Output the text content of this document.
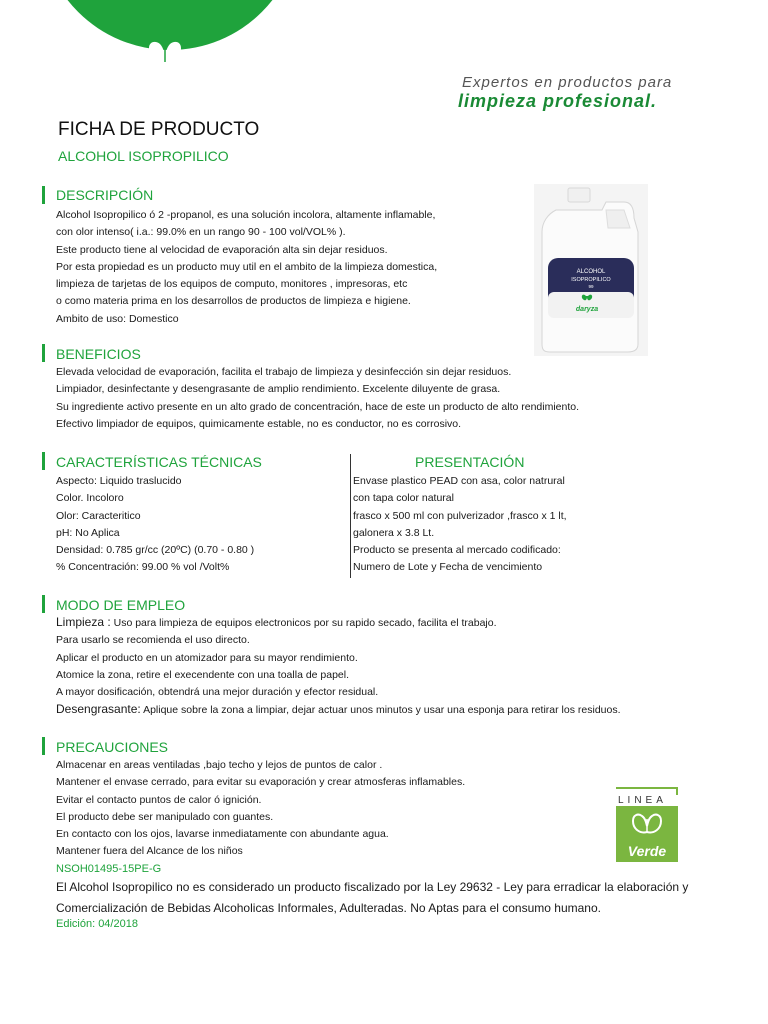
daryza	Expertos en productos para
limpieza profesional.
FICHA DE PRODUCTO
ALCOHOL ISOPROPILICO
ALCOHOL
ISOPROPILICO
99
daryza
DESCRIPCIÓN
Alcohol Isopropilico ó 2 -propanol, es una solución incolora, altamente inflamable,
con olor intenso( i.a.: 99.0% en un rango 90 - 100 vol/VOL% ).
Este producto tiene al velocidad de evaporación alta sin dejar residuos.
Por esta propiedad es un producto muy util en el ambito de la limpieza domestica,
limpieza de tarjetas de los equipos de computo, monitores , impresoras, etc
o como materia prima en los desarrollos de productos de limpieza e higiene.
Ambito de uso: Domestico
BENEFICIOS
Elevada velocidad de evaporación, facilita el trabajo de limpieza y desinfección sin dejar residuos.
Limpiador, desinfectante y desengrasante de amplio rendimiento. Excelente diluyente de grasa.
Su ingrediente activo presente en un alto grado de concentración, hace de este un producto de alto rendimiento.
Efectivo limpiador de equipos, quimicamente estable, no es conductor, no es corrosivo.
CARACTERÍSTICAS TÉCNICAS
Aspecto: Liquido traslucido
Color. Incoloro
Olor: Caracteritico
pH: No Aplica
Densidad: 0.785 gr/cc (20ºC) (0.70 - 0.80 )
% Concentración: 99.00 % vol /Volt%
PRESENTACIÓN
Envase plastico PEAD con asa, color natrural
con tapa color natural
frasco x 500 ml con pulverizador ,frasco x 1 lt,
galonera x 3.8 Lt.
Producto se presenta al mercado codificado:
Numero de Lote y Fecha de vencimiento
MODO DE EMPLEO
Limpieza : Uso para limpieza de equipos electronicos por su rapido secado, facilita el trabajo.
Para usarlo se recomienda el uso directo.
Aplicar el producto en un atomizador para su mayor rendimiento.
Atomice la zona, retire el execendente con una toalla de papel.
A mayor dosificación, obtendrá una mejor duración y efector residual.
Desengrasante: Aplique sobre la zona a limpiar, dejar actuar unos minutos y usar una esponja para retirar los residuos.
PRECAUCIONES
Almacenar en areas ventiladas ,bajo techo y lejos de puntos de calor .
Mantener el envase cerrado, para evitar su evaporación y crear atmosferas inflamables.
Evitar el contacto puntos de calor ó ignición.
El producto debe ser manipulado con guantes.
En contacto con los ojos, lavarse inmediatamente con abundante agua.
Mantener fuera del Alcance de los niños
NSOH01495-15PE-G
El Alcohol Isopropilico no es considerado un producto fiscalizado por la Ley 29632 - Ley para erradicar la elaboración y
Comercialización de Bebidas Alcoholicas Informales, Adulteradas. No Aptas para el consumo humano.
Edición: 04/2018
LINEA
Verde
